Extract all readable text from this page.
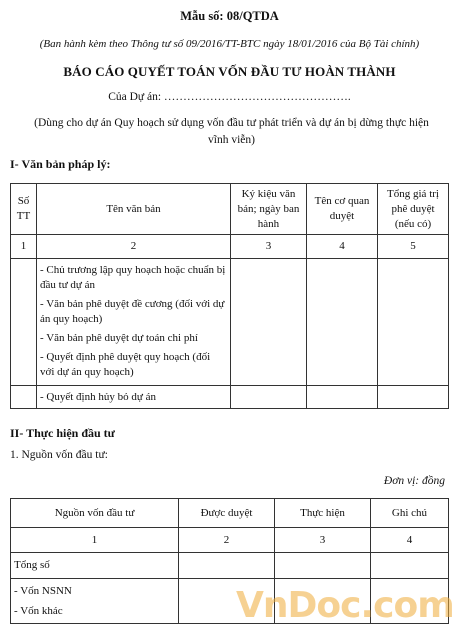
Mẫu số: 08/QTDA
(Ban hành kèm theo Thông tư số 09/2016/TT-BTC ngày 18/01/2016 của Bộ Tài chính)
BÁO CÁO QUYẾT TOÁN VỐN ĐẦU TƯ HOÀN THÀNH
Của Dự án: ………………………………………….
(Dùng cho dự án Quy hoạch sử dụng vốn đầu tư phát triển và dự án bị dừng thực hiện vĩnh viễn)
I- Văn bản pháp lý:
Số TT	Tên văn bản	Ký kiệu văn bản; ngày ban hành	Tên cơ quan duyệt	Tổng giá trị phê duyệt (nếu có)
1	2	3	4	5

	- Chủ trương lập quy hoạch hoặc chuẩn bị đầu tư dự án
- Văn bản phê duyệt đề cương (đối với dự án quy hoạch)
- Văn bản phê duyệt dự toán chi phí
- Quyết định phê duyệt quy hoạch (đối với dự án quy hoạch)			

	- Quyết định hủy bỏ dự án			
II- Thực hiện đầu tư
1. Nguồn vốn đầu tư:
Đơn vị: đồng
Nguồn vốn đầu tư	Được duyệt	Thực hiện	Ghi chú
1	2	3	4
Tổng số			

- Vốn NSNN
- Vốn khác			
				VnDoc.com
